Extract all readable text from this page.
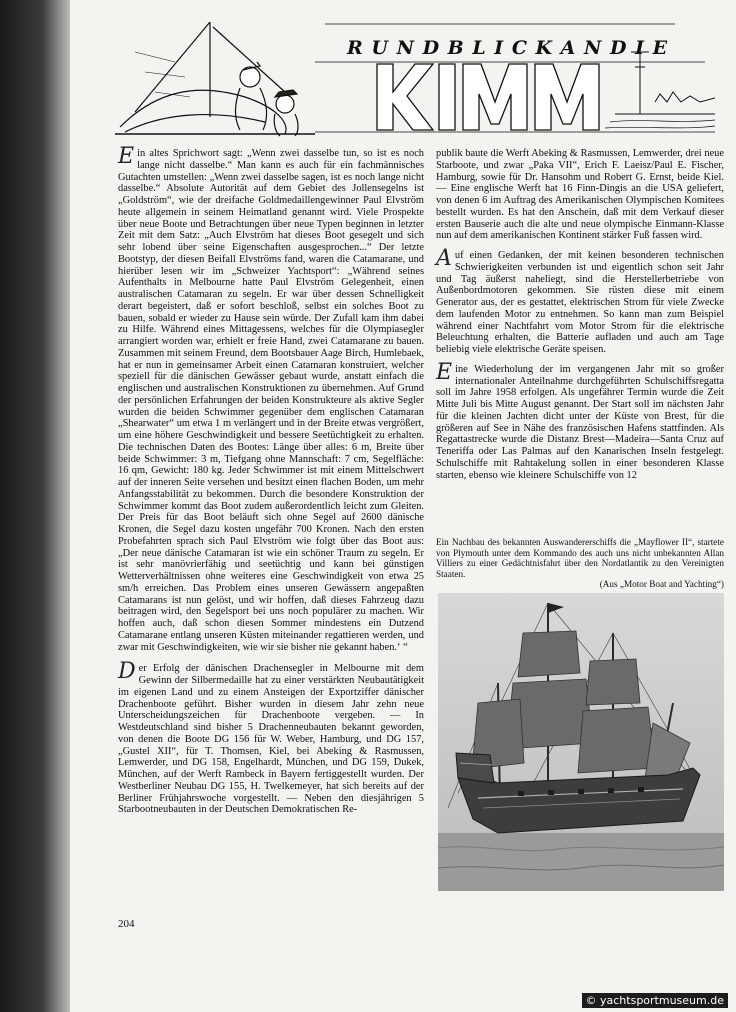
R U N D B L I C K A N D I E

Ein altes Sprichwort sagt: „Wenn zwei dasselbe tun, so ist es noch lange nicht dasselbe.“ Man kann es auch für ein fachmännisches Gutachten umstellen: „Wenn zwei dasselbe sagen, ist es noch lange nicht dasselbe.“ Absolute Autorität auf dem Gebiet des Jollensegelns ist „Goldström“, wie der dreifache Goldmedaillengewinner Paul Elvström heute allgemein in seinem Heimatland genannt wird. Viele Prospekte über neue Boote und Betrachtungen über neue Typen beginnen in letzter Zeit mit dem Satz: „Auch Elvström hat dieses Boot gesegelt und sich sehr lobend über seine Eigenschaften ausgesprochen...“ Der letzte Bootstyp, der diesen Beifall Elvströms fand, waren die Catamarane, und hierüber lesen wir im „Schweizer Yachtsport“: „Während seines Aufenthalts in Melbourne hatte Paul Elvström Gelegenheit, einen australischen Catamaran zu segeln. Er war über dessen Schnelligkeit derart begeistert, daß er sofort beschloß, selbst ein solches Boot zu bauen, sobald er wieder zu Hause sein würde. Der Zufall kam ihm dabei zu Hilfe. Während eines Mittagessens, welches für die Olympiasegler arrangiert worden war, erhielt er freie Hand, zwei Catamarane zu bauen. Zusammen mit seinem Freund, dem Bootsbauer Aage Birch, Humlebaek, hat er nun in gemeinsamer Arbeit einen Catamaran konstruiert, welcher speziell für die dänischen Gewässer gebaut wurde, anstatt einfach die englischen und australischen Konstruktionen zu übernehmen. Auf Grund der persönlichen Erfahrungen der beiden Konstrukteure als aktive Segler wurden die beiden Schwimmer gegenüber dem englischen Catamaran „Shearwater“ um etwa 1 m verlängert und in der Breite etwas vergrößert, um eine höhere Geschwindigkeit und bessere Seetüchtigkeit zu erhalten. Die technischen Daten des Bootes: Länge über alles: 6 m, Breite über beide Schwimmer: 3 m, Tiefgang ohne Mannschaft: 7 cm, Segelfläche: 16 qm, Gewicht: 180 kg. Jeder Schwimmer ist mit einem Mittelschwert auf der inneren Seite versehen und besitzt einen flachen Boden, um mehr Anfangsstabilität zu bekommen. Durch die besondere Konstruktion der Schwimmer kommt das Boot zudem außerordentlich leicht zum Gleiten. Der Preis für das Boot beläuft sich ohne Segel auf 2600 dänische Kronen, die Segel dazu kosten ungefähr 700 Kronen. Nach den ersten Probefahrten sprach sich Paul Elvström wie folgt über das Boot aus: „Der neue dänische Catamaran ist wie ein schöner Traum zu segeln. Er ist sehr manövrierfähig und seetüchtig und kann bei günstigen Wetterverhältnissen ohne weiteres eine Geschwindigkeit von etwa 25 sm/h erreichen. Das Problem eines unseren Gewässern angepaßten Catamarans ist nun gelöst, und wir hoffen, daß dieses Fahrzeug dazu beitragen wird, den Segelsport bei uns noch populärer zu machen. Wir hoffen auch, daß schon diesen Sommer mindestens ein Dutzend Catamarane entlang unseren Küsten miteinander regattieren werden, und zwar mit Geschwindigkeiten, wie wir sie bisher nie gekannt haben.‘ “

Der Erfolg der dänischen Drachensegler in Melbourne mit dem Gewinn der Silbermedaille hat zu einer verstärkten Neubautätigkeit im eigenen Land und zu einem Ansteigen der Exportziffer dänischer Drachenboote geführt. Bisher wurden in diesem Jahr zehn neue Unterscheidungszeichen für Drachenboote vergeben. — In Westdeutschland sind bisher 5 Drachenneubauten bekannt geworden, von denen die Boote DG 156 für W. Weber, Hamburg, und DG 157, „Gustel XII“, für T. Thomsen, Kiel, bei Abeking & Rasmussen, Lemwerder, und DG 158, Engelhardt, München, und DG 159, Dukek, München, auf der Werft Rambeck in Bayern fertiggestellt wurden. Der Westberliner Neubau DG 155, H. Twelkemeyer, hat sich bereits auf der Berliner Frühjahrswoche vorgestellt. — Neben den diesjährigen 5 Starbootneubauten in der Deutschen Demokratischen Re-

publik baute die Werft Abeking & Rasmussen, Lemwerder, drei neue Starboote, und zwar „Paka VII“, Erich F. Laeisz/Paul E. Fischer, Hamburg, sowie für Dr. Hansohm und Robert G. Ernst, beide Kiel. — Eine englische Werft hat 16 Finn-Dingis an die USA geliefert, von denen 6 im Auftrag des Amerikanischen Olympischen Komitees bestellt wurden. Es hat den Anschein, daß mit dem Verkauf dieser ersten Bauserie auch die alte und neue olympische Einmann-Klasse nun auf dem amerikanischen Kontinent stärker Fuß fassen wird.

Auf einen Gedanken, der mit keinen besonderen technischen Schwierigkeiten verbunden ist und eigentlich schon seit Jahr und Tag äußerst naheliegt, sind die Herstellerbetriebe von Außenbordmotoren gekommen. Sie rüsten diese mit einem Generator aus, der es gestattet, elektrischen Strom für viele Zwecke dem laufenden Motor zu entnehmen. So kann man zum Beispiel während einer Nachtfahrt vom Motor Strom für die elektrische Beleuchtung erhalten, die Batterie aufladen und auch am Tage beliebig viele elektrische Geräte speisen.

Eine Wiederholung der im vergangenen Jahr mit so großer internationaler Anteilnahme durchgeführten Schulschiffsregatta soll im Jahre 1958 erfolgen. Als ungefährer Termin wurde die Zeit Mitte Juli bis Mitte August genannt. Der Start soll im nächsten Jahr für die kleinen Jachten dicht unter der Küste von Brest, für die größeren auf See in Nähe des französischen Hafens stattfinden. Als Regattastrecke wurde die Distanz Brest—Madeira—Santa Cruz auf Teneriffa oder Las Palmas auf den Kanarischen Inseln festgelegt. Schulschiffe mit Rahtakelung sollen in einer besonderen Klasse starten, ebenso wie kleinere Schulschiffe von 12

Ein Nachbau des bekannten Auswandererschiffs die „Mayflower II“, startete von Plymouth unter dem Kommando des auch uns nicht unbekannten Allan Villiers zu einer Gedächtnisfahrt über den Nordatlantik zu den Vereinigten Staaten.
(Aus „Motor Boat and Yachting“)
204
© yachtsportmuseum.de
